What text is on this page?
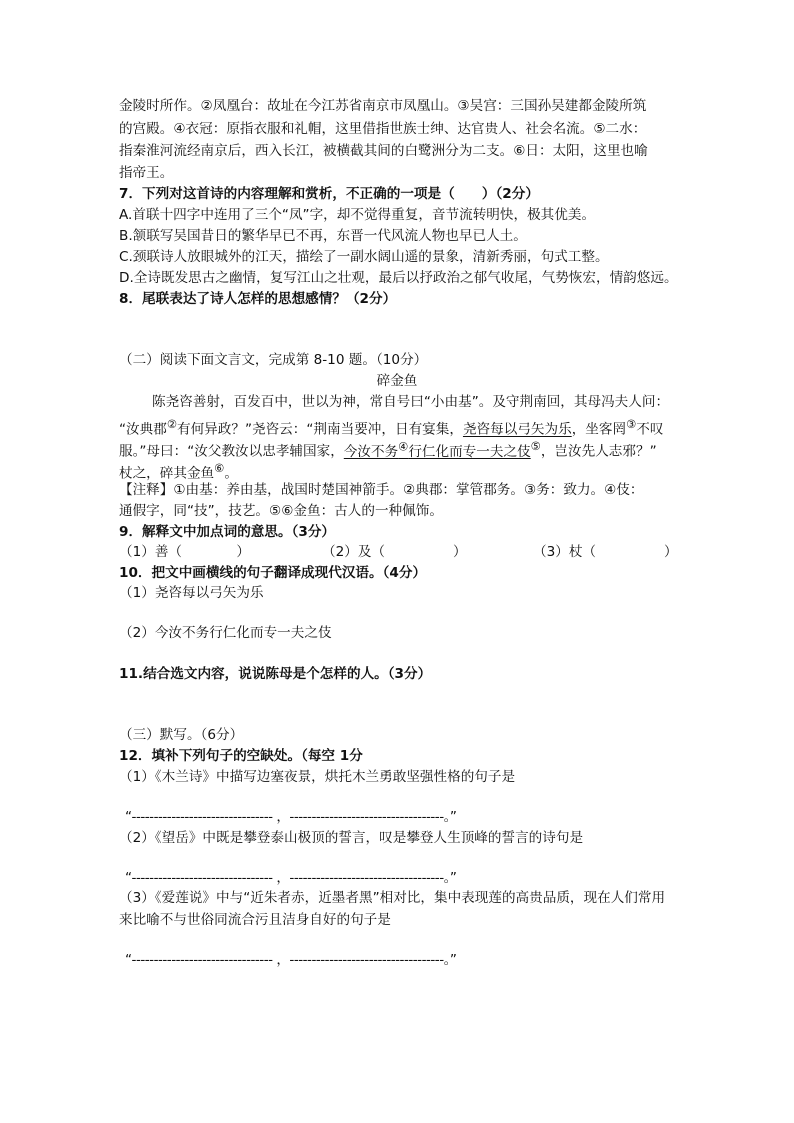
金陵时所作。②凤凰台：故址在今江苏省南京市凤凰山。③吴宫：三国孙吴建都金陵所筑
的宫殿。④衣冠：原指衣服和礼帽，这里借指世族士绅、达官贵人、社会名流。⑤二水：
指秦淮河流经南京后，西入长江，被横截其间的白鹭洲分为二支。⑥日：太阳，这里也喻
指帝王。
7．下列对这首诗的内容理解和赏析，不正确的一项是（　　）（2分）
A.首联十四字中连用了三个“凤”字，却不觉得重复，音节流转明快，极其优美。
B.颔联写吴国昔日的繁华早已不再，东晋一代风流人物也早已人土。
C.颈联诗人放眼城外的江天，描绘了一副水阔山遥的景象，清新秀丽，句式工整。
D.全诗既发思古之幽情，复写江山之壮观，最后以抒政治之郁气收尾，气势恢宏，情韵悠远。
8．尾联表达了诗人怎样的思想感情？（2分）
（二）阅读下面文言文，完成第 8-10 题。（10分）
碎金鱼
陈尧咨善射，百发百中，世以为神，常自号曰“小由基”。及守荆南回，其母冯夫人问：
“汝典郡②有何异政？”尧咨云：“荆南当要冲，日有宴集，尧咨每以弓矢为乐，坐客罔③不叹
服。”母曰：“汝父教汝以忠孝辅国家，今汝不务④行仁化而专一夫之伎⑤，岂汝先人志邪？”
杖之，碎其金鱼⑥。
【注释】①由基：养由基，战国时楚国神箭手。②典郡：掌管郡务。③务：致力。④伎：
通假字，同“技”，技艺。⑤⑥金鱼：古人的一种佩饰。
9．解释文中加点词的意思。（3分）
（1）善（　　　　）	（2）及（　　　　　）	（3）杖（　　　　　）
10．把文中画横线的句子翻译成现代汉语。（4分）
（1）尧咨每以弓矢为乐
（2）今汝不务行仁化而专一夫之伎
11.结合选文内容，说说陈母是个怎样的人。（3分）
（三）默写。（6分）
12．填补下列句子的空缺处。（每空 1分
（1）《木兰诗》中描写边塞夜景，烘托木兰勇敢坚强性格的句子是
“-------------------------------- ，-----------------------------------。”
（2）《望岳》中既是攀登泰山极顶的誓言，叹是攀登人生顶峰的誓言的诗句是
“-------------------------------- ，-----------------------------------。”
（3）《爱莲说》中与“近朱者赤，近墨者黑”相对比，集中表现莲的高贵品质，现在人们常用
来比喻不与世俗同流合污且洁身自好的句子是
“-------------------------------- ，-----------------------------------。”
